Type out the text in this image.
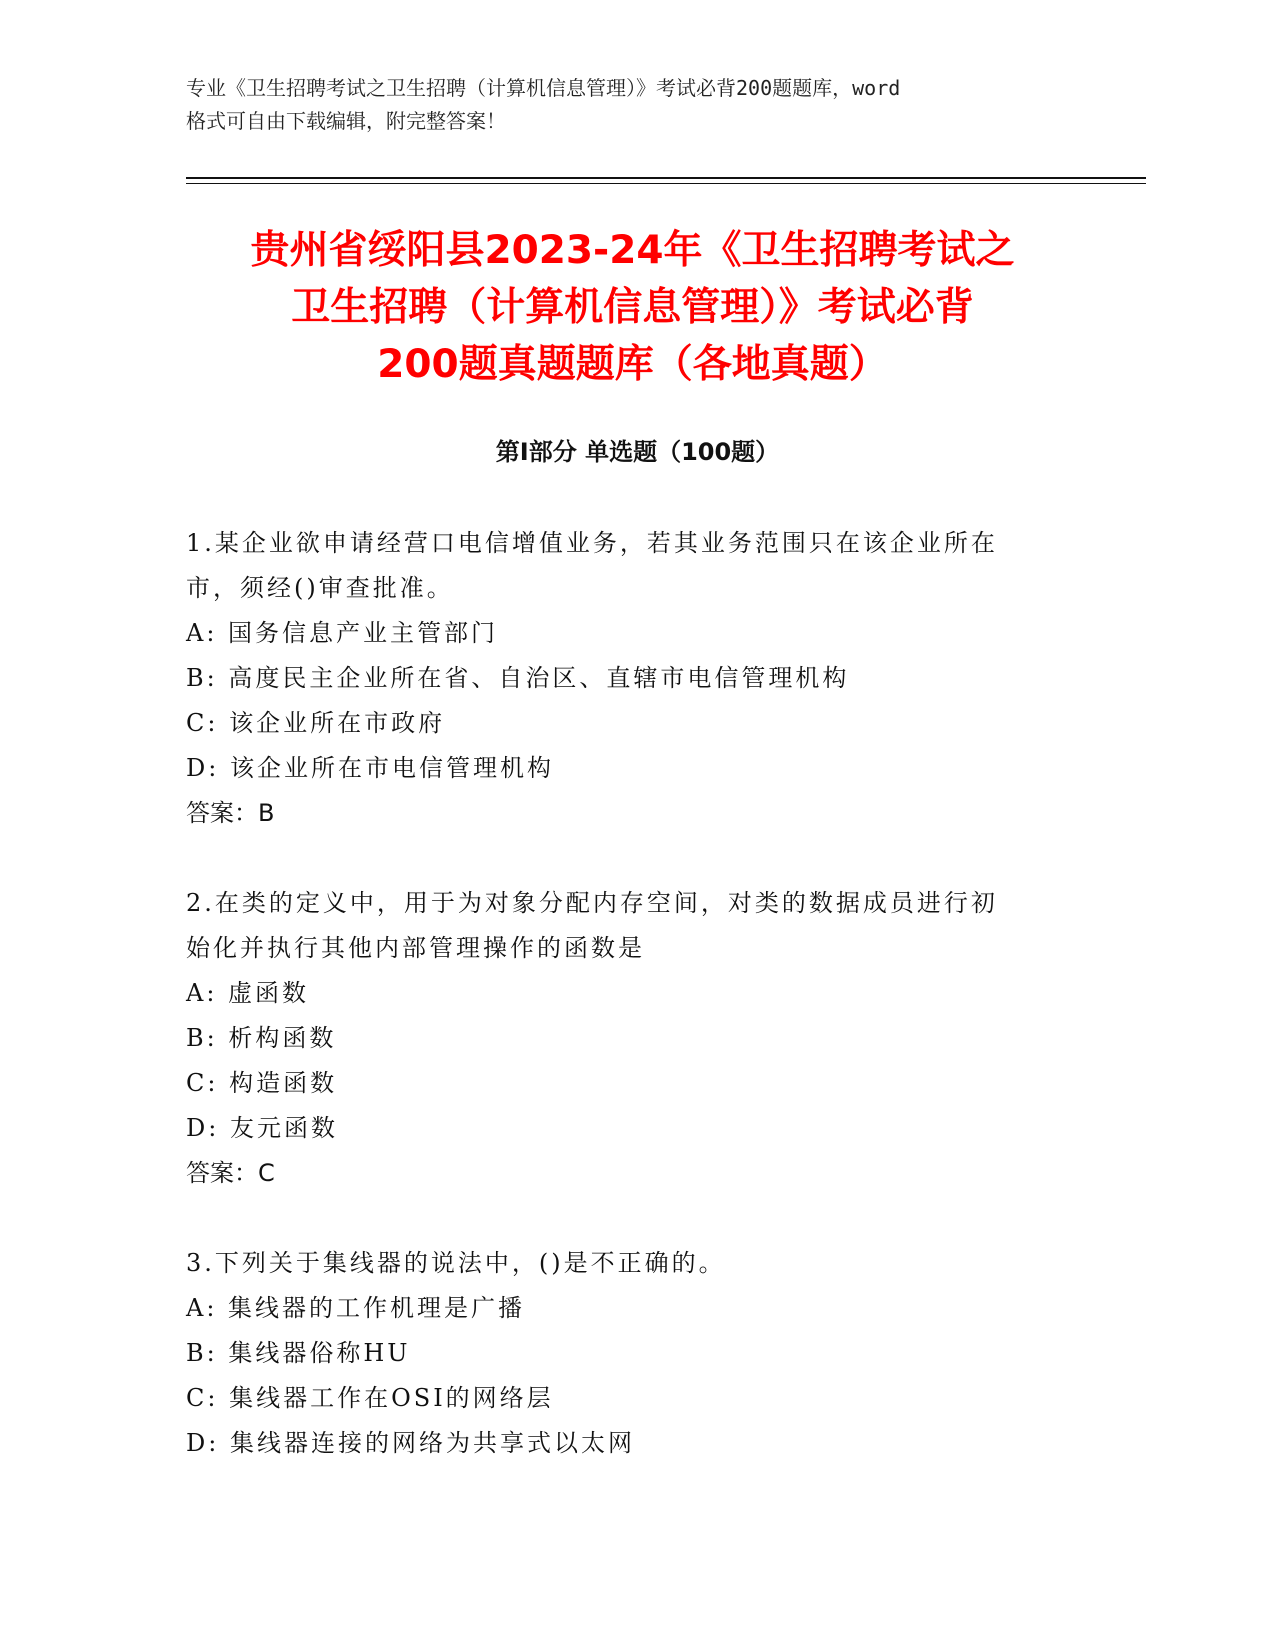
专业《卫生招聘考试之卫生招聘（计算机信息管理）》考试必背200题题库，word
格式可自由下载编辑，附完整答案！
贵州省绥阳县2023-24年《卫生招聘考试之
卫生招聘（计算机信息管理）》考试必背
200题真题题库（各地真题）
第Ⅰ部分 单选题（100题）
1.某企业欲申请经营口电信增值业务，若其业务范围只在该企业所在
市，须经()审查批准。
A: 国务信息产业主管部门
B: 高度民主企业所在省、自治区、直辖市电信管理机构
C: 该企业所在市政府
D: 该企业所在市电信管理机构
答案：B
2.在类的定义中，用于为对象分配内存空间，对类的数据成员进行初
始化并执行其他内部管理操作的函数是
A: 虚函数
B: 析构函数
C: 构造函数
D: 友元函数
答案：C
3.下列关于集线器的说法中，()是不正确的。
A: 集线器的工作机理是广播
B: 集线器俗称HU
C: 集线器工作在OSI的网络层
D: 集线器连接的网络为共享式以太网
